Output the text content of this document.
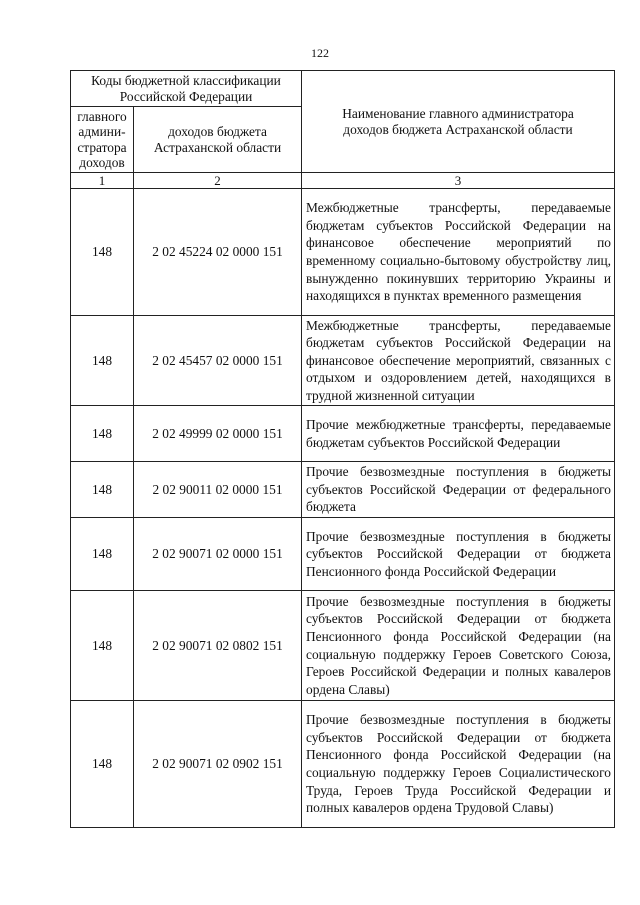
122
Коды бюджетной классификации Российской Федерации		Наименование главного администратора доходов бюджета Астраханской области
главного админи-стратора доходов	доходов бюджета Астраханской области	
1	2	3
148	2 02 45224 02 0000 151	Межбюджетные трансферты, передаваемые бюджетам субъектов Российской Федерации на финансовое обеспечение мероприятий по временному социально-бытовому обустройству лиц, вынужденно покинувших территорию Украины и находящихся в пунктах временного размещения
148	2 02 45457 02 0000 151	Межбюджетные трансферты, передаваемые бюджетам субъектов Российской Федерации на финансовое обеспечение мероприятий, связанных с отдыхом и оздоровлением детей, находящихся в трудной жизненной ситуации
148	2 02 49999 02 0000 151	Прочие межбюджетные трансферты, передаваемые бюджетам субъектов Российской Федерации
148	2 02 90011 02 0000 151	Прочие безвозмездные поступления в бюджеты субъектов Российской Федерации от федерального бюджета
148	2 02 90071 02 0000 151	Прочие безвозмездные поступления в бюджеты субъектов Российской Федерации от бюджета Пенсионного фонда Российской Федерации
148	2 02 90071 02 0802 151	Прочие безвозмездные поступления в бюджеты субъектов Российской Федерации от бюджета Пенсионного фонда Российской Федерации (на социальную поддержку Героев Советского Союза, Героев Российской Федерации и полных кавалеров ордена Славы)
148	2 02 90071 02 0902 151	Прочие безвозмездные поступления в бюджеты субъектов Российской Федерации от бюджета Пенсионного фонда Российской Федерации (на социальную поддержку Героев Социалистического Труда, Героев Труда Российской Федерации и полных кавалеров ордена Трудовой Славы)
